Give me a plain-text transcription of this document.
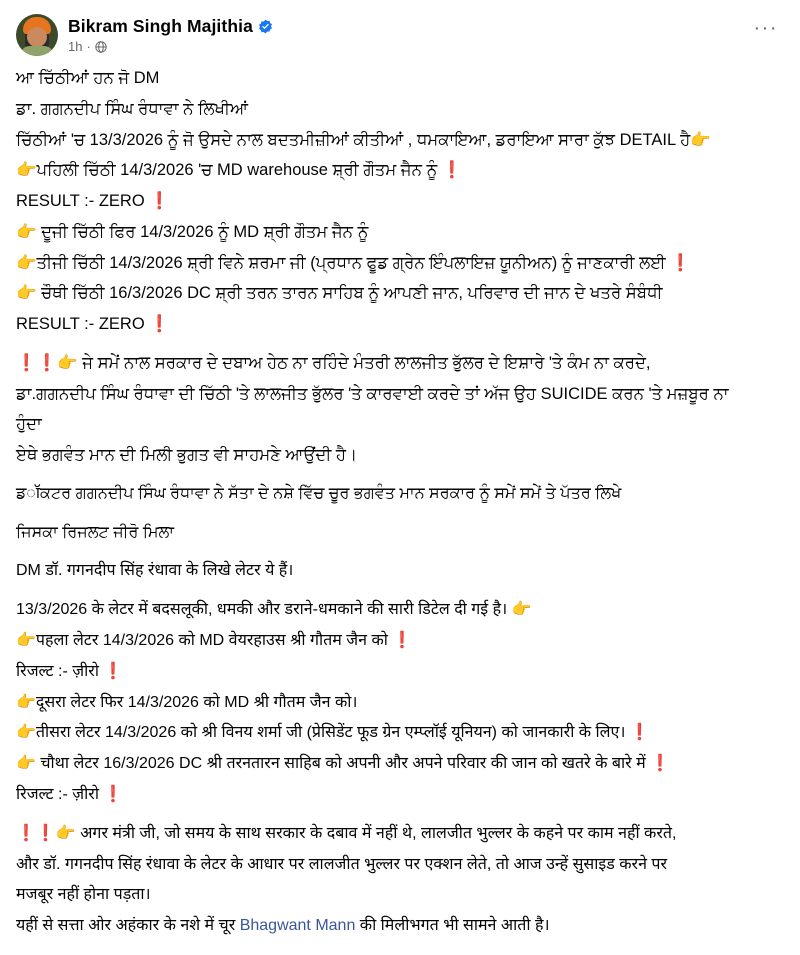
Bikram Singh Majithia
1h ·
···

ਆ ਚਿੱਠੀਆਂ ਹਨ ਜੋ DM

ਡਾ. ਗਗਨਦੀਪ ਸਿੰਘ ਰੰਧਾਵਾ ਨੇ ਲਿਖੀਆਂ

ਚਿੱਠੀਆਂ 'ਚ 13/3/2026 ਨੂੰ ਜੋ ਉਸਦੇ ਨਾਲ ਬਦਤਮੀਜ਼ੀਆਂ ਕੀਤੀਆਂ , ਧਮਕਾਇਆ, ਡਰਾਇਆ ਸਾਰਾ ਕੁੱਝ DETAIL ਹੈ👉

👉ਪਹਿਲੀ ਚਿੱਠੀ 14/3/2026 'ਚ MD warehouse ਸ਼੍ਰੀ ਗੌਤਮ ਜੈਨ ਨੂੰ ❗

RESULT :- ZERO ❗

👉 ਦੂਜੀ ਚਿੱਠੀ ਫਿਰ 14/3/2026 ਨੂੰ MD ਸ਼੍ਰੀ ਗੌਤਮ ਜੈਨ ਨੂੰ

👉ਤੀਜੀ ਚਿੱਠੀ 14/3/2026 ਸ਼੍ਰੀ ਵਿਨੇ ਸ਼ਰਮਾ ਜੀ (ਪ੍ਰਧਾਨ ਫੂਡ ਗ੍ਰੇਨ ਇੰਪਲਾਇਜ਼ ਯੂਨੀਅਨ) ਨੂੰ ਜਾਣਕਾਰੀ ਲਈ ❗

👉 ਚੌਥੀ ਚਿੱਠੀ 16/3/2026 DC ਸ਼੍ਰੀ ਤਰਨ ਤਾਰਨ ਸਾਹਿਬ ਨੂੰ ਆਪਣੀ ਜਾਨ, ਪਰਿਵਾਰ ਦੀ ਜਾਨ ਦੇ ਖਤਰੇ ਸੰਬੰਧੀ

RESULT :- ZERO ❗

❗❗👉 ਜੇ ਸਮੇਂ ਨਾਲ ਸਰਕਾਰ ਦੇ ਦਬਾਅ ਹੇਠ ਨਾ ਰਹਿੰਦੇ ਮੰਤਰੀ ਲਾਲਜੀਤ ਭੁੱਲਰ ਦੇ ਇਸ਼ਾਰੇ 'ਤੇ ਕੰਮ ਨਾ ਕਰਦੇ,

ਡਾ.ਗਗਨਦੀਪ ਸਿੰਘ ਰੰਧਾਵਾ ਦੀ ਚਿੱਠੀ 'ਤੇ ਲਾਲਜੀਤ ਭੁੱਲਰ 'ਤੇ ਕਾਰਵਾਈ ਕਰਦੇ ਤਾਂ ਅੱਜ ਉਹ SUICIDE ਕਰਨ 'ਤੇ ਮਜ਼ਬੂਰ ਨਾ

ਹੁੰਦਾ

ਏਥੇ ਭਗਵੰਤ ਮਾਨ ਦੀ ਮਿਲੀ ਭੁਗਤ ਵੀ ਸਾਹਮਣੇ ਆਉਂਦੀ ਹੈ।

ਡॉਕਟਰ ਗਗਨਦੀਪ ਸਿੰਘ ਰੰਧਾਵਾ ਨੇ ਸੱਤਾ ਦੇ ਨਸ਼ੇ ਵਿੱਚ ਚੂਰ ਭਗਵੰਤ ਮਾਨ ਸਰਕਾਰ ਨੂੰ ਸਮੇਂ ਸਮੇਂ ਤੇ ਪੱਤਰ ਲਿਖੇ

ਜਿਸਕਾ ਰਿਜਲਟ ਜੀਰੋ ਮਿਲਾ

DM डॉ. गगनदीप सिंह रंधावा के लिखे लेटर ये हैं।

13/3/2026 के लेटर में बदसलूकी, धमकी और डराने-धमकाने की सारी डिटेल दी गई है। 👉

👉पहला लेटर 14/3/2026 को MD वेयरहाउस श्री गौतम जैन को ❗

रिजल्ट :- ज़ीरो ❗

👉दूसरा लेटर फिर 14/3/2026 को MD श्री गौतम जैन को।

👉तीसरा लेटर 14/3/2026 को श्री विनय शर्मा जी (प्रेसिडेंट फूड ग्रेन एम्प्लॉई यूनियन) को जानकारी के लिए। ❗

👉 चौथा लेटर 16/3/2026 DC श्री तरनतारन साहिब को अपनी और अपने परिवार की जान को खतरे के बारे में ❗

रिजल्ट :- ज़ीरो ❗

❗❗👉 अगर मंत्री जी, जो समय के साथ सरकार के दबाव में नहीं थे, लालजीत भुल्लर के कहने पर काम नहीं करते,

और डॉ. गगनदीप सिंह रंधावा के लेटर के आधार पर लालजीत भुल्लर पर एक्शन लेते, तो आज उन्हें सुसाइड करने पर

मजबूर नहीं होना पड़ता।

यहीं से सत्ता ओर अहंकार के नशे में चूर Bhagwant Mann की मिलीभगत भी सामने आती है।
